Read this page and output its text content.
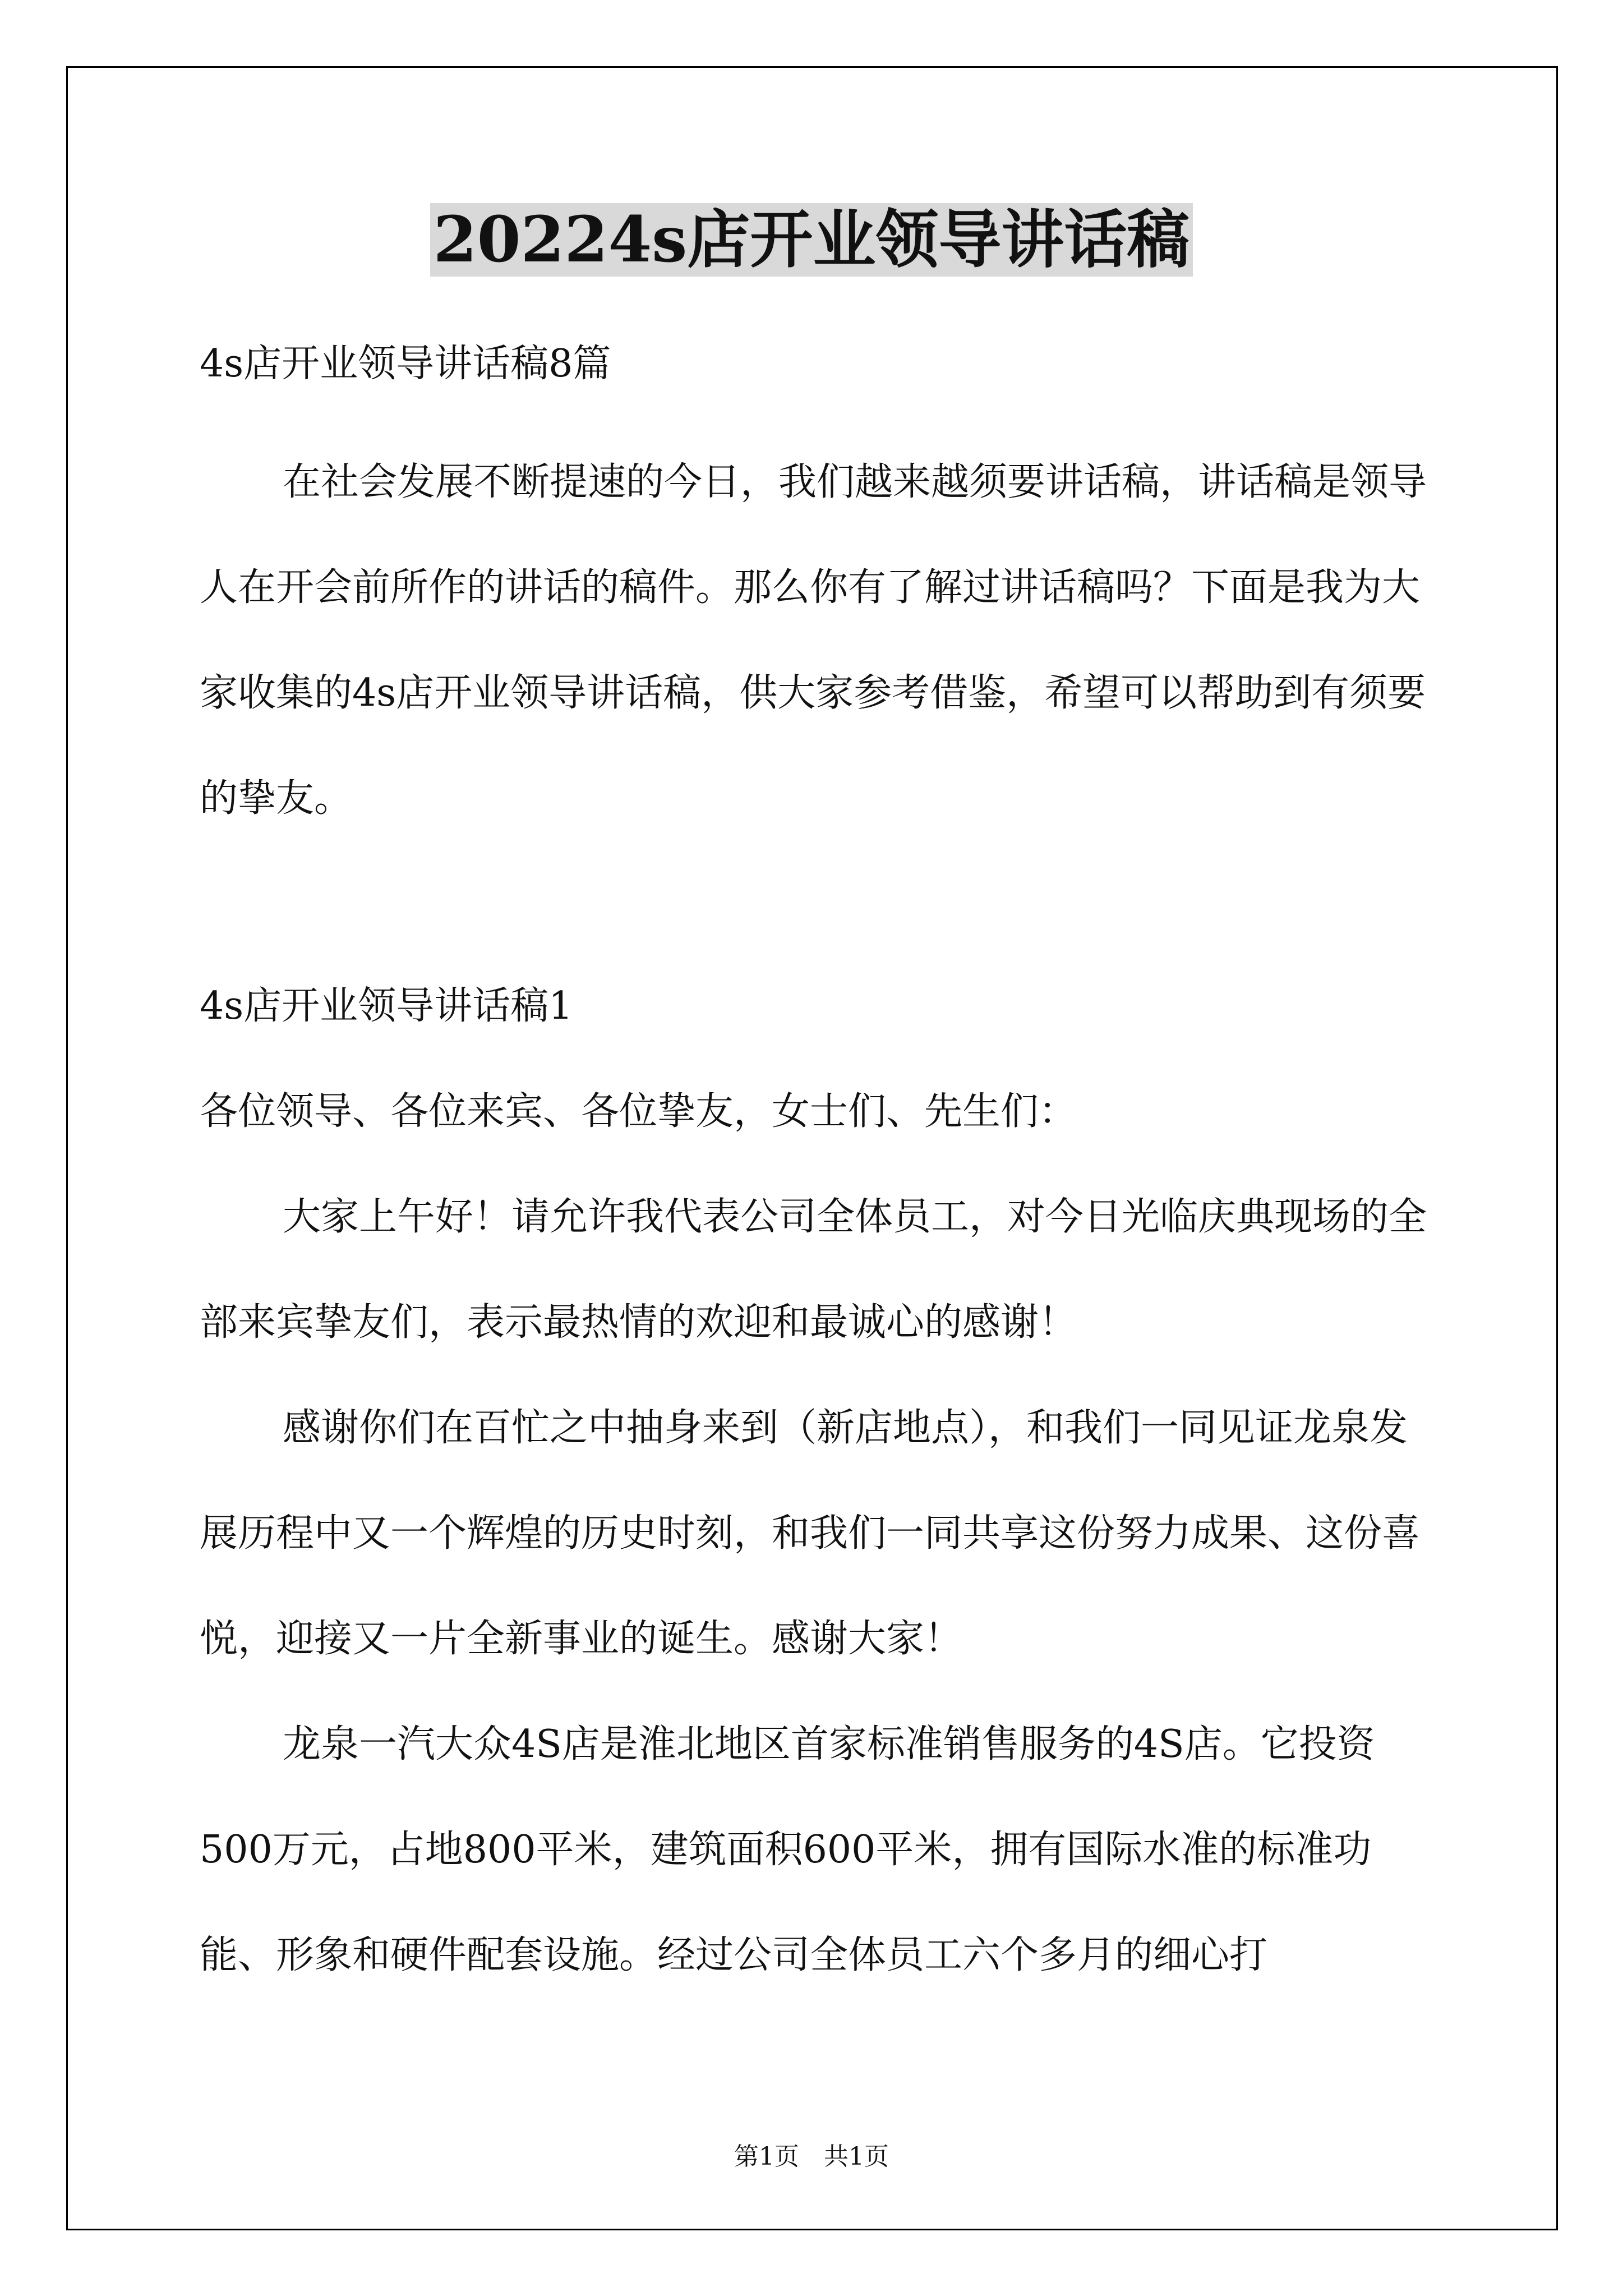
20224s店开业领导讲话稿

4s店开业领导讲话稿8篇

在社会发展不断提速的今日，我们越来越须要讲话稿，讲话稿是领导人在开会前所作的讲话的稿件。那么你有了解过讲话稿吗？下面是我为大家收集的4s店开业领导讲话稿，供大家参考借鉴，希望可以帮助到有须要的挚友。

4s店开业领导讲话稿1

各位领导、各位来宾、各位挚友，女士们、先生们：

大家上午好！请允许我代表公司全体员工，对今日光临庆典现场的全部来宾挚友们，表示最热情的欢迎和最诚心的感谢！

感谢你们在百忙之中抽身来到（新店地点），和我们一同见证龙泉发展历程中又一个辉煌的历史时刻，和我们一同共享这份努力成果、这份喜悦，迎接又一片全新事业的诞生。感谢大家！

龙泉一汽大众4S店是淮北地区首家标准销售服务的4S店。它投资500万元，占地800平米，建筑面积600平米，拥有国际水准的标准功能、形象和硬件配套设施。经过公司全体员工六个多月的细心打

第1页　共1页
